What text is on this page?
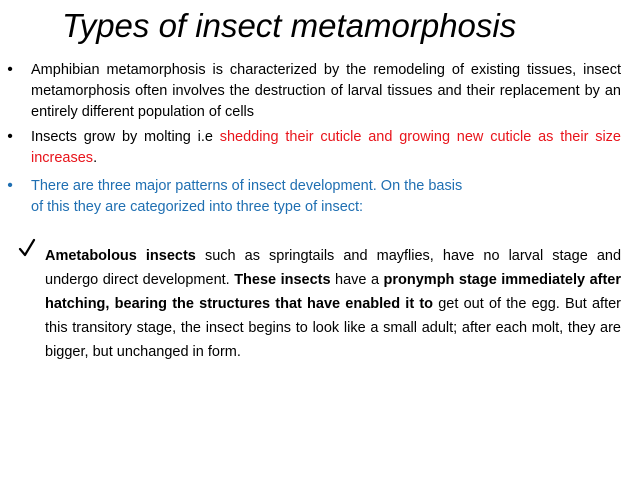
Types of insect metamorphosis
• Amphibian metamorphosis is characterized by the remodeling of existing tissues, insect metamorphosis often involves the destruction of larval tissues and their replacement by an entirely different population of cells
• Insects grow by molting i.e shedding their cuticle and growing new cuticle as their size increases.
• There are three major patterns of insect development. On the basis
of this they are categorized into three type of insect:
Ametabolous insects such as springtails and mayflies, have no larval stage and undergo direct development. These insects have a pronymph stage immediately after hatching, bearing the structures that have enabled it to get out of the egg. But after this transitory stage, the insect begins to look like a small adult; after each molt, they are bigger, but unchanged in form.
